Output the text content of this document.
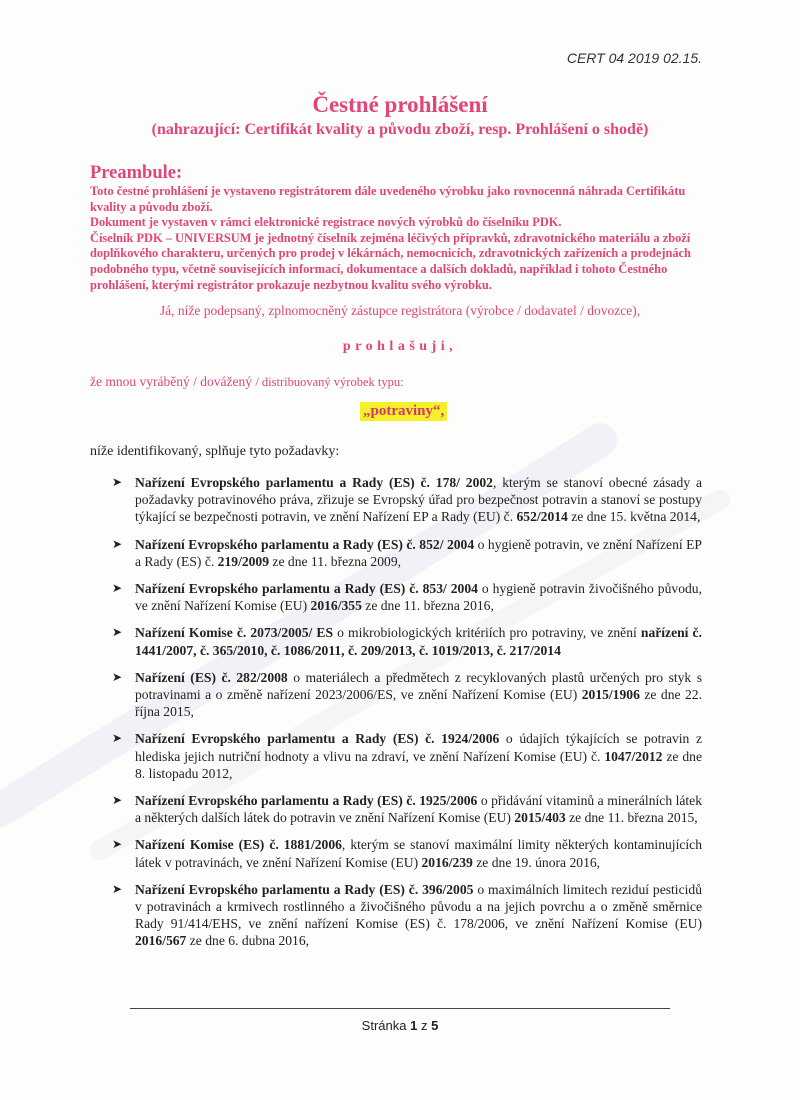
CERT 04 2019 02.15.
Čestné prohlášení
(nahrazující: Certifikát kvality a původu zboží, resp. Prohlášení o shodě)
Preambule:

Toto čestné prohlášení je vystaveno registrátorem dále uvedeného výrobku jako rovnocenná náhrada Certifikátu kvality a původu zboží.

Dokument je vystaven v rámci elektronické registrace nových výrobků do číselníku PDK.

Číselník PDK – UNIVERSUM je jednotný číselník zejména léčivých přípravků, zdravotnického materiálu a zboží doplňkového charakteru, určených pro prodej v lékárnách, nemocnicích, zdravotnických zařízeních a prodejnách podobného typu, včetně souvisejících informací, dokumentace a dalších dokladů, například i tohoto Čestného prohlášení, kterými registrátor prokazuje nezbytnou kvalitu svého výrobku.

Já, níže podepsaný, zplnomocněný zástupce registrátora (výrobce / dodavatel / dovozce),
prohlašuji,
že mnou vyráběný / dovážený / distribuovaný výrobek typu:
„potraviny“,
níže identifikovaný, splňuje tyto požadavky:
➤ Nařízení Evropského parlamentu a Rady (ES) č. 178/ 2002, kterým se stanoví obecné zásady a požadavky potravinového práva, zřizuje se Evropský úřad pro bezpečnost potravin a stanoví se postupy týkající se bezpečnosti potravin, ve znění Nařízení EP a Rady (EU) č. 652/2014 ze dne 15. května 2014,
➤ Nařízení Evropského parlamentu a Rady (ES) č. 852/ 2004 o hygieně potravin, ve znění Nařízení EP a Rady (ES) č. 219/2009 ze dne 11. března 2009,
➤ Nařízení Evropského parlamentu a Rady (ES) č. 853/ 2004 o hygieně potravin živočišného původu, ve znění Nařízení Komise (EU) 2016/355 ze dne 11. března 2016,
➤ Nařízení Komise č. 2073/2005/ ES o mikrobiologických kritériích pro potraviny, ve znění nařízení č. 1441/2007, č. 365/2010, č. 1086/2011, č. 209/2013, č. 1019/2013, č. 217/2014
➤ Nařízení (ES) č. 282/2008 o materiálech a předmětech z recyklovaných plastů určených pro styk s potravinami a o změně nařízení 2023/2006/ES, ve znění Nařízení Komise (EU) 2015/1906 ze dne 22. října 2015,
➤ Nařízení Evropského parlamentu a Rady (ES) č. 1924/2006 o údajích týkajících se potravin z hlediska jejich nutriční hodnoty a vlivu na zdraví, ve znění Nařízení Komise (EU) č. 1047/2012 ze dne 8. listopadu 2012,
➤ Nařízení Evropského parlamentu a Rady (ES) č. 1925/2006 o přidávání vitaminů a minerálních látek a některých dalších látek do potravin ve znění Nařízení Komise (EU) 2015/403 ze dne 11. března 2015,
➤ Nařízení Komise (ES) č. 1881/2006, kterým se stanoví maximální limity některých kontaminujících látek v potravinách, ve znění Nařízení Komise (EU) 2016/239 ze dne 19. února 2016,
➤ Nařízení Evropského parlamentu a Rady (ES) č. 396/2005 o maximálních limitech reziduí pesticidů v potravinách a krmivech rostlinného a živočišného původu a na jejich povrchu a o změně směrnice Rady 91/414/EHS, ve znění nařízení Komise (ES) č. 178/2006, ve znění Nařízení Komise (EU) 2016/567 ze dne 6. dubna 2016,
Stránka 1 z 5
